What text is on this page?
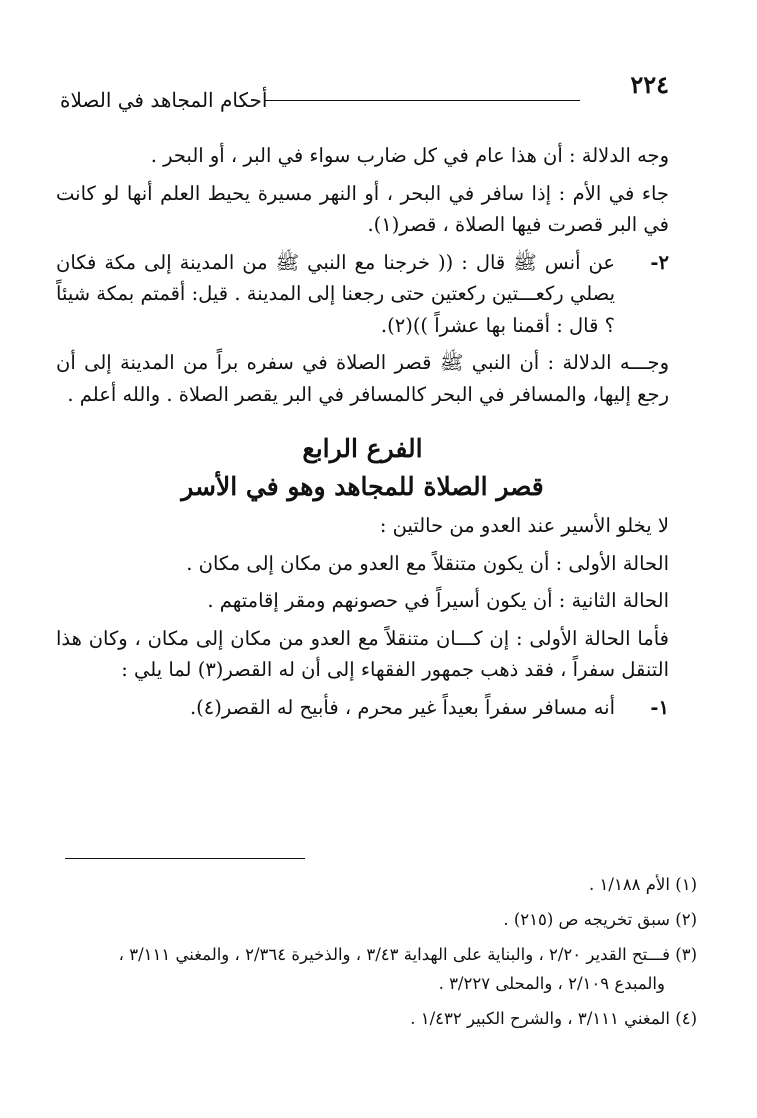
٢٢٤
أحكام المجاهد في الصلاة

وجه الدلالة : أن هذا عام في كل ضارب سواء في البر ، أو البحر .

جاء في الأم : إذا سافر في البحر ، أو النهر مسيرة يحيط العلم أنها لو كانت في البر قصرت فيها الصلاة ، قصر(١).

٢-
عن أنس ﷺ قال : (( خرجنا مع النبي ﷺ من المدينة إلى مكة فكان يصلي ركعـــتين ركعتين حتى رجعنا إلى المدينة . قيل: أقمتم بمكة شيئاً ؟ قال : أقمنا بها عشراً ))(٢).

وجـــه الدلالة : أن النبي ﷺ قصر الصلاة في سفره براً من المدينة إلى أن رجع إليها، والمسافر في البحر كالمسافر في البر يقصر الصلاة . والله أعلم .

الفرع الرابع
قصر الصلاة للمجاهد وهو في الأسر

لا يخلو الأسير عند العدو من حالتين :

الحالة الأولى : أن يكون متنقلاً مع العدو من مكان إلى مكان .

الحالة الثانية : أن يكون أسيراً في حصونهم ومقر إقامتهم .

فأما الحالة الأولى : إن كـــان متنقلاً مع العدو من مكان إلى مكان ، وكان هذا التنقل سفراً ، فقد ذهب جمهور الفقهاء إلى أن له القصر(٣) لما يلي :

١-
أنه مسافر سفراً بعيداً غير محرم ، فأبيح له القصر(٤).

(١) الأم ١/١٨٨ .

(٢) سبق تخريجه ص (٢١٥) .

(٣) فـــتح القدير ٢/٢٠ ، والبناية على الهداية ٣/٤٣ ، والذخيرة ٢/٣٦٤ ، والمغني ٣/١١١ ،
والمبدع ٢/١٠٩ ، والمحلى ٣/٢٢٧ .

(٤) المغني ٣/١١١ ، والشرح الكبير ١/٤٣٢ .
